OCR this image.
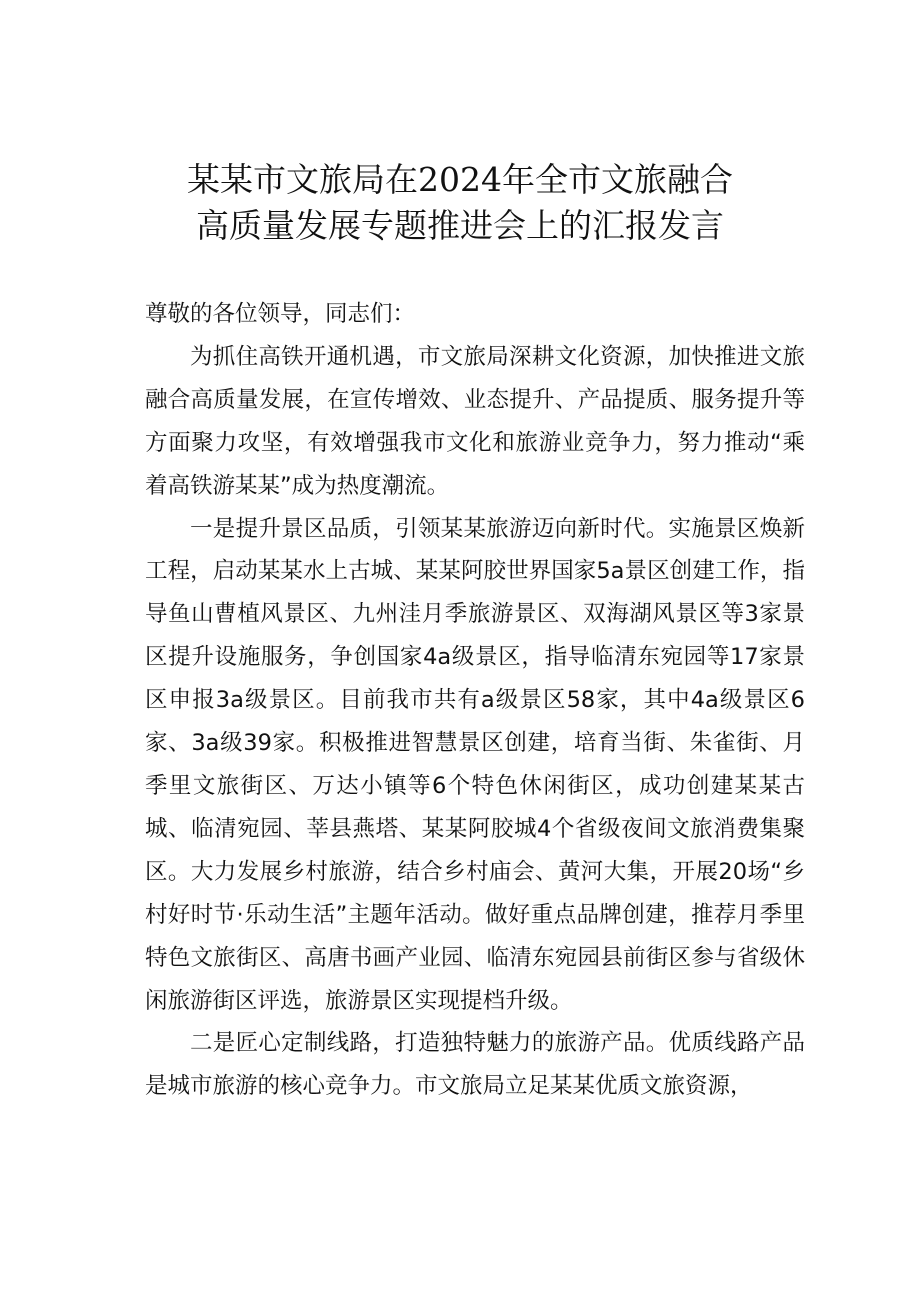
某某市文旅局在2024年全市文旅融合
高质量发展专题推进会上的汇报发言

尊敬的各位领导，同志们：

为抓住高铁开通机遇，市文旅局深耕文化资源，加快推进文旅融合高质量发展，在宣传增效、业态提升、产品提质、服务提升等方面聚力攻坚，有效增强我市文化和旅游业竞争力，努力推动“乘着高铁游某某”成为热度潮流。

一是提升景区品质，引领某某旅游迈向新时代。实施景区焕新工程，启动某某水上古城、某某阿胶世界国家5a景区创建工作，指导鱼山曹植风景区、九州洼月季旅游景区、双海湖风景区等3家景区提升设施服务，争创国家4a级景区，指导临清东宛园等17家景区申报3a级景区。目前我市共有a级景区58家，其中4a级景区6家、3a级39家。积极推进智慧景区创建，培育当街、朱雀街、月季里文旅街区、万达小镇等6个特色休闲街区，成功创建某某古城、临清宛园、莘县燕塔、某某阿胶城4个省级夜间文旅消费集聚区。大力发展乡村旅游，结合乡村庙会、黄河大集，开展20场“乡村好时节·乐动生活”主题年活动。做好重点品牌创建，推荐月季里特色文旅街区、高唐书画产业园、临清东宛园县前街区参与省级休闲旅游街区评选，旅游景区实现提档升级。

二是匠心定制线路，打造独特魅力的旅游产品。优质线路产品是城市旅游的核心竞争力。市文旅局立足某某优质文旅资源，
